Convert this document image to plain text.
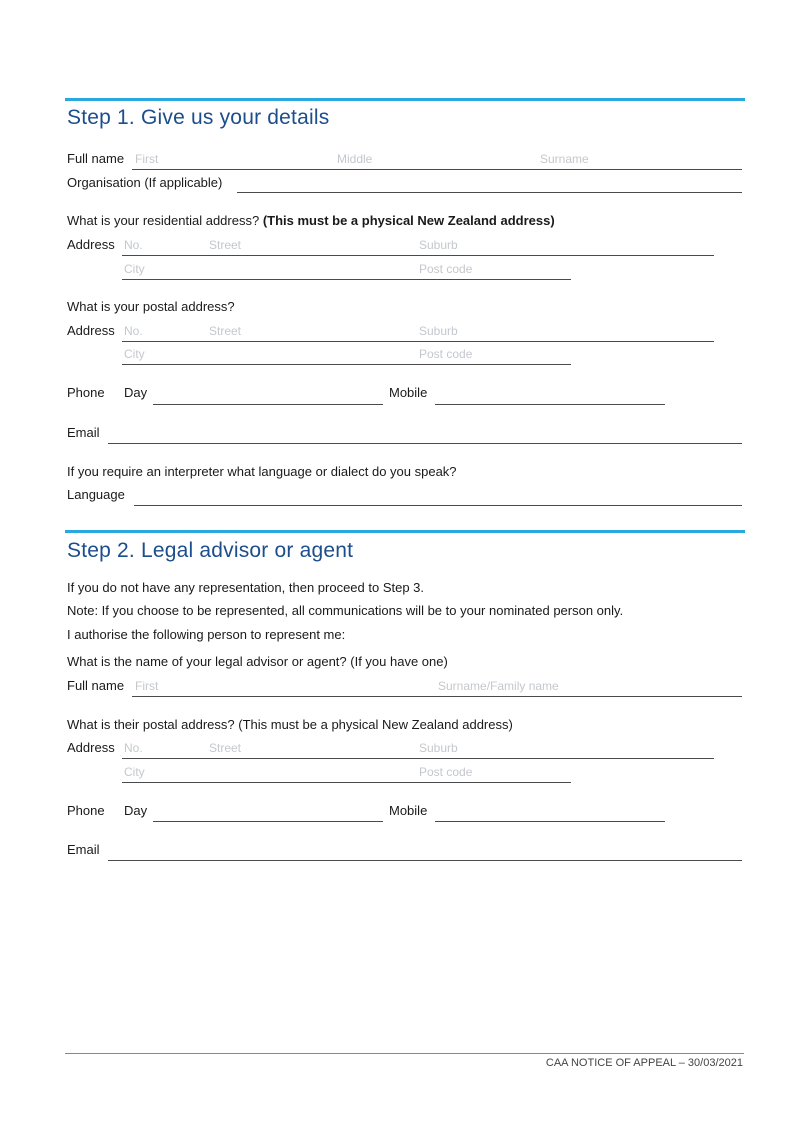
Step 1. Give us your details
Full name First	Middle	Surname
Organisation (If applicable)
What is your residential address? (This must be a physical New Zealand address)
Address No.	Street	Suburb
City	Post code
What is your postal address?
Address No.	Street	Suburb
City	Post code
Phone Day	Mobile
Email
If you require an interpreter what language or dialect do you speak?
Language
Step 2. Legal advisor or agent
If you do not have any representation, then proceed to Step 3.
Note: If you choose to be represented, all communications will be to your nominated person only.
I authorise the following person to represent me:
What is the name of your legal advisor or agent? (If you have one)
Full name First	Surname/Family name
What is their postal address? (This must be a physical New Zealand address)
Address No.	Street	Suburb
City	Post code
Phone Day	Mobile
Email
CAA NOTICE OF APPEAL – 30/03/2021
